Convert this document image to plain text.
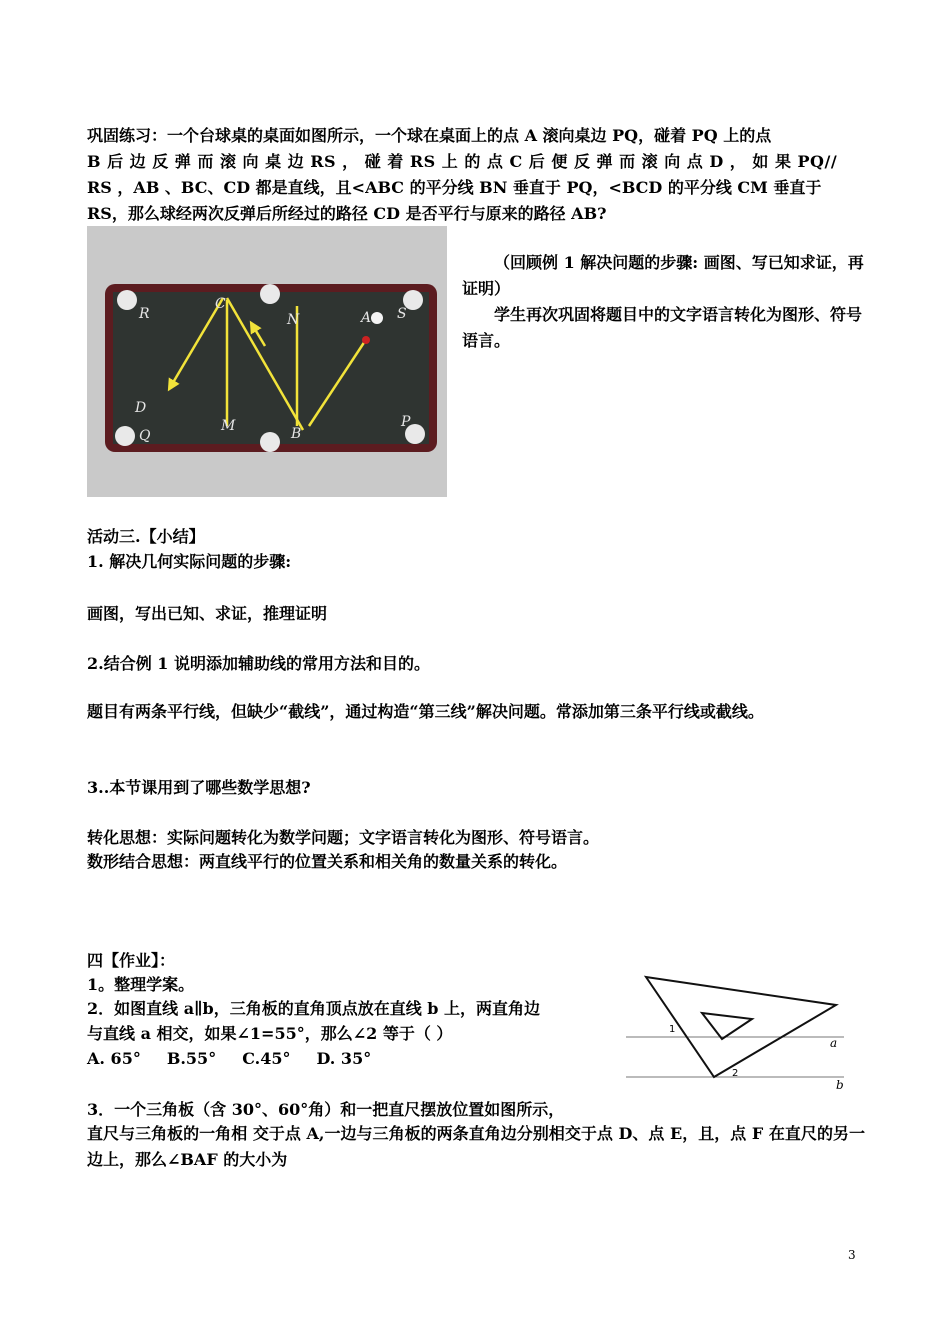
巩固练习：一个台球桌的桌面如图所示，一个球在桌面上的点 A 滚向桌边 PQ，碰着 PQ 上的点

B 后 边 反 弹 而 滚 向 桌 边 RS ， 碰 着 RS 上 的 点 C 后 便 反 弹 而 滚 向 点 D ， 如 果 PQ//

RS ，AB 、BC、CD 都是直线，且<ABC 的平分线 BN 垂直于 PQ，<BCD 的平分线 CM 垂直于

RS，那么球经两次反弹后所经过的路径 CD 是否平行与原来的路径 AB?

R
C
N	A S
D
M	B
P
Q

（回顾例 1 解决问题的步骤: 画图、写已知求证，再证明）

学生再次巩固将题目中的文字语言转化为图形、符号语言。

活动三.【小结】

1. 解决几何实际问题的步骤:

画图，写出已知、求证，推理证明

2.结合例 1 说明添加辅助线的常用方法和目的。

题目有两条平行线，但缺少“截线”，通过构造“第三线”解决问题。常添加第三条平行线或截线。

3..本节课用到了哪些数学思想?

转化思想：实际问题转化为数学问题；文字语言转化为图形、符号语言。

数形结合思想：两直线平行的位置关系和相关角的数量关系的转化。

四【作业】：

1。整理学案。

2．如图直线 a∥b，三角板的直角顶点放在直线 b 上，两直角边

与直线 a 相交，如果∠1=55°，那么∠2 等于（ ）

A. 65° B.55° C.45° D. 35°

1
2
a
b

3．一个三角板（含 30°、60°角）和一把直尺摆放位置如图所示，

直尺与三角板的一角相 交于点 A,一边与三角板的两条直角边分别相交于点 D、点 E，且，点 F 在直尺的另一边上，那么∠BAF 的大小为

3
